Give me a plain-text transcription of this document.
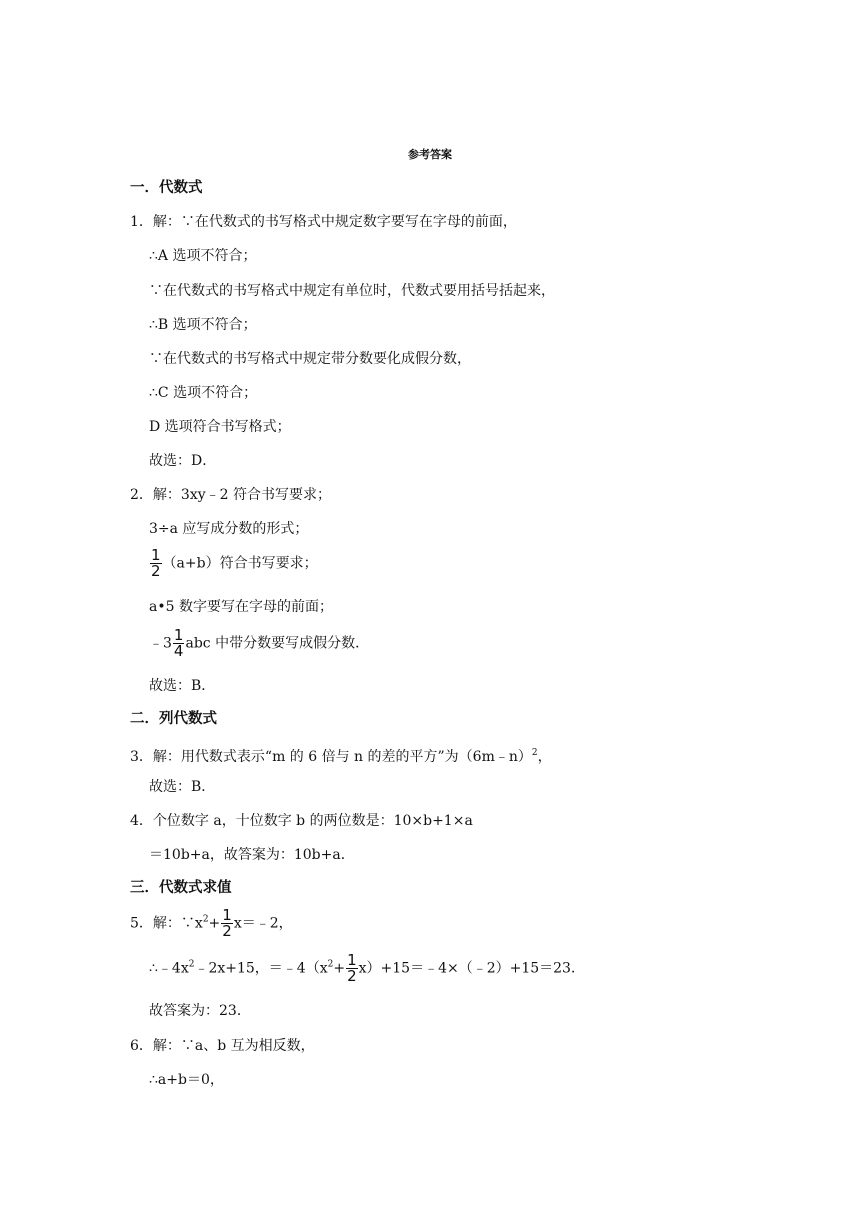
参考答案
一．代数式
1．解：∵在代数式的书写格式中规定数字要写在字母的前面，
∴A 选项不符合；
∵在代数式的书写格式中规定有单位时，代数式要用括号括起来，
∴B 选项不符合；
∵在代数式的书写格式中规定带分数要化成假分数，
∴C 选项不符合；
D 选项符合书写格式；
故选：D．
2．解：3xy﹣2 符合书写要求；
3÷a 应写成分数的形式；
$\frac{1}{2} (a+b)$符合书写要求；
a•5 数字要写在字母的前面；
﹣3 $\frac{1}{4}$ abc 中带分数要写成假分数．
故选：B．
二．列代数式
3．解：用代数式表示“m 的 6 倍与 n 的差的平方”为（6m﹣n）$^2$，
故选：B．
4．个位数字 a，十位数字 b 的两位数是：10×b+1×a
＝10b+a，故答案为：10b+a．
三．代数式求值
5．解：$\because x^2+ \frac{1}{2}$ x＝﹣2，
$\therefore﹣4x^2﹣2x+15$，$=﹣4(x^2+ \frac{1}{2}$ x）+15＝﹣4×（﹣2）+15＝23．
故答案为：23．
6．解：∵a、b 互为相反数，
∴a+b＝0，
